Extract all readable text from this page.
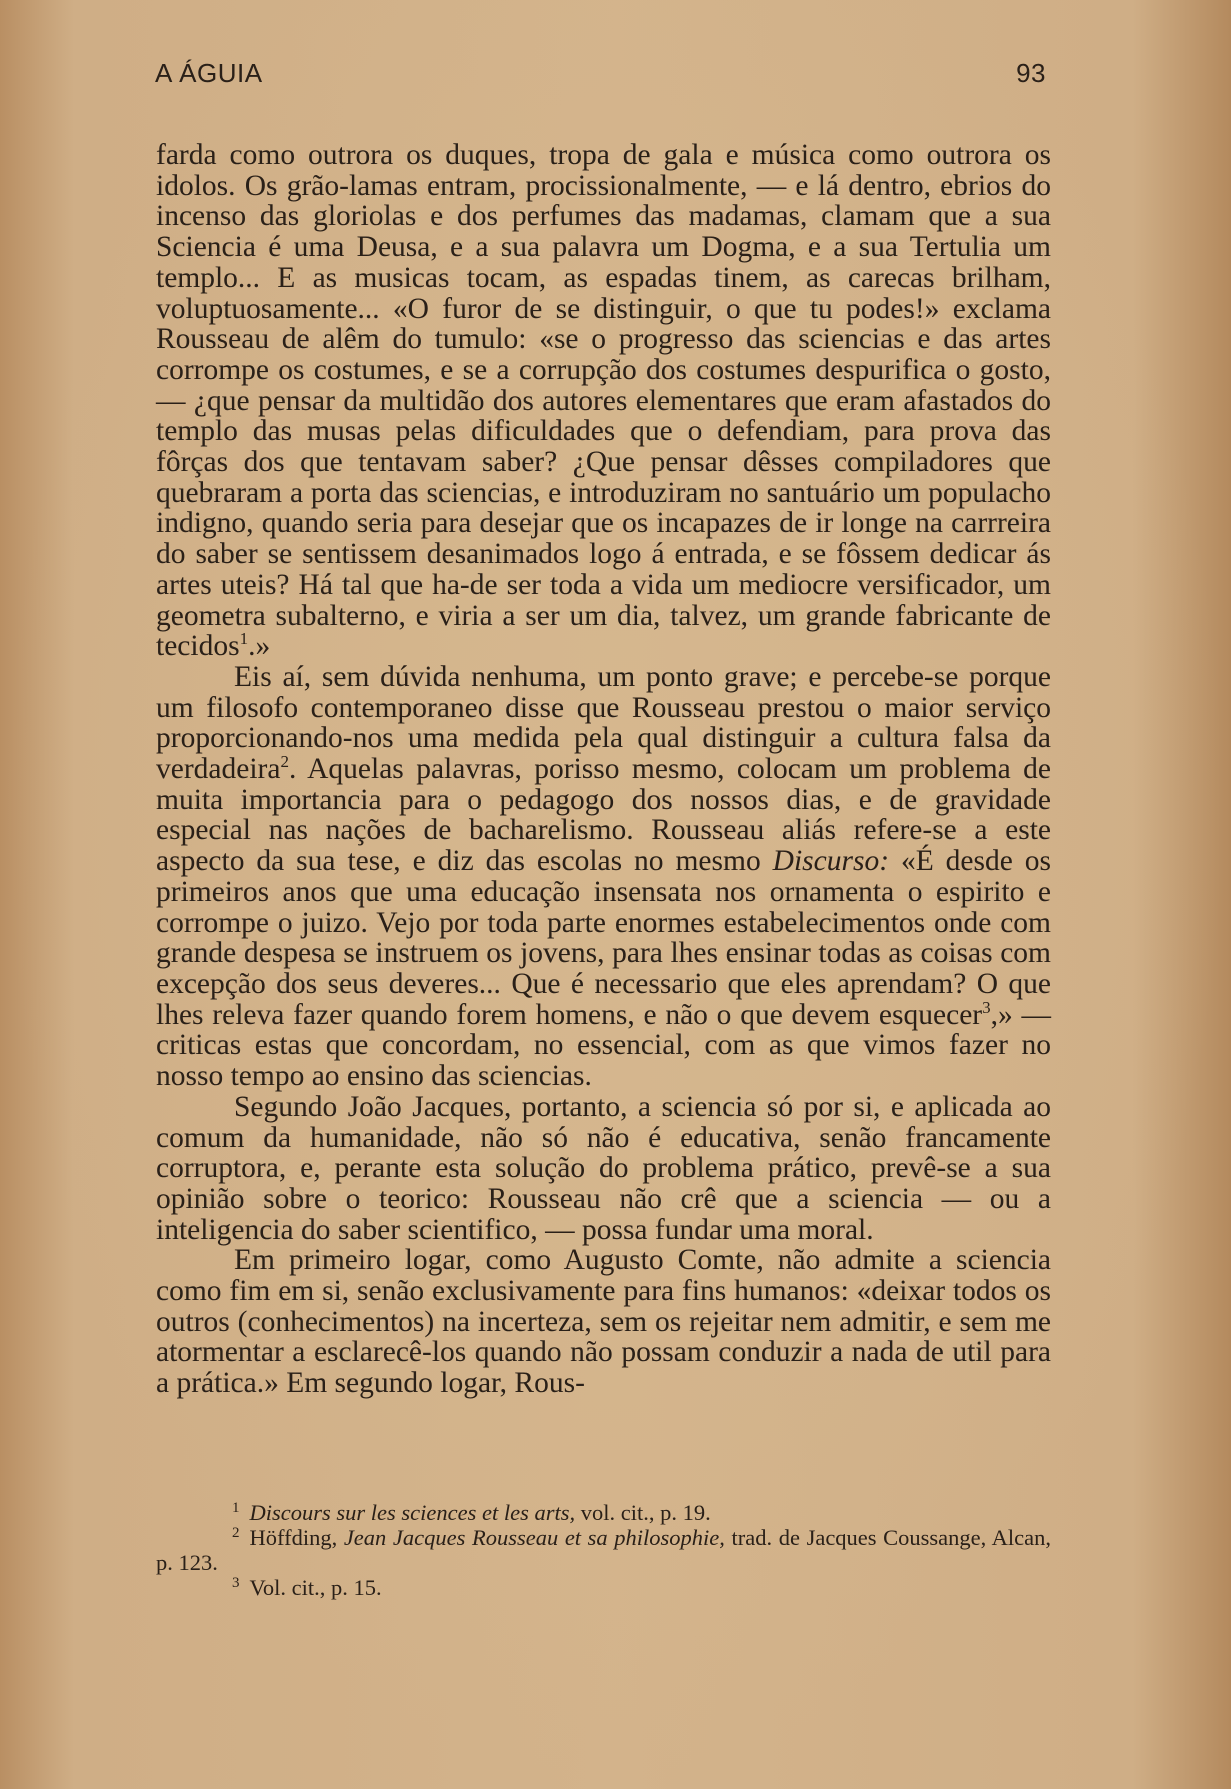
A ÁGUIA	93

farda como outrora os duques, tropa de gala e música como outrora os idolos. Os grão-lamas entram, procissionalmente, — e lá dentro, ebrios do incenso das gloriolas e dos perfumes das madamas, clamam que a sua Sciencia é uma Deusa, e a sua palavra um Dogma, e a sua Tertulia um templo... E as musicas tocam, as espadas tinem, as carecas brilham, voluptuosamente... «O furor de se distinguir, o que tu podes!» exclama Rousseau de alêm do tumulo: «se o progresso das sciencias e das artes corrompe os costumes, e se a corrupção dos costumes despurifica o gosto, — ¿que pensar da multidão dos autores elementares que eram afastados do templo das musas pelas dificuldades que o defendiam, para prova das fôrças dos que tentavam saber? ¿Que pensar dêsses compiladores que quebraram a porta das sciencias, e introduziram no santuário um populacho indigno, quando seria para desejar que os incapazes de ir longe na carrreira do saber se sentissem desanimados logo á entrada, e se fôssem dedicar ás artes uteis? Há tal que ha-de ser toda a vida um mediocre versificador, um geometra subalterno, e viria a ser um dia, talvez, um grande fabricante de tecidos$^1$.»

Eis aí, sem dúvida nenhuma, um ponto grave; e percebe-se porque um filosofo contemporaneo disse que Rousseau prestou o maior serviço proporcionando-nos uma medida pela qual distinguir a cultura falsa da verdadeira$^2$. Aquelas palavras, porisso mesmo, colocam um problema de muita importancia para o pedagogo dos nossos dias, e de gravidade especial nas nações de bacharelismo. Rousseau aliás refere-se a este aspecto da sua tese, e diz das escolas no mesmo Discurso: «É desde os primeiros anos que uma educação insensata nos ornamenta o espirito e corrompe o juizo. Vejo por toda parte enormes estabelecimentos onde com grande despesa se instruem os jovens, para lhes ensinar todas as coisas com excepção dos seus deveres... Que é necessario que eles aprendam? O que lhes releva fazer quando forem homens, e não o que devem esquecer$^3$,» — criticas estas que concordam, no essencial, com as que vimos fazer no nosso tempo ao ensino das sciencias.

Segundo João Jacques, portanto, a sciencia só por si, e aplicada ao comum da humanidade, não só não é educativa, senão francamente corruptora, e, perante esta solução do problema prático, prevê-se a sua opinião sobre o teorico: Rousseau não crê que a sciencia — ou a inteligencia do saber scientifico, — possa fundar uma moral.

Em primeiro logar, como Augusto Comte, não admite a sciencia como fim em si, senão exclusivamente para fins humanos: «deixar todos os outros (conhecimentos) na incerteza, sem os rejeitar nem admitir, e sem me atormentar a esclarecê-los quando não possam conduzir a nada de util para a prática.» Em segundo logar, Rous-

$^1$ Discours sur les sciences et les arts, vol. cit., p. 19.

$^2$ Höffding, Jean Jacques Rousseau et sa philosophie, trad. de Jacques Coussange, Alcan, p. 123.

$^3$ Vol. cit., p. 15.
